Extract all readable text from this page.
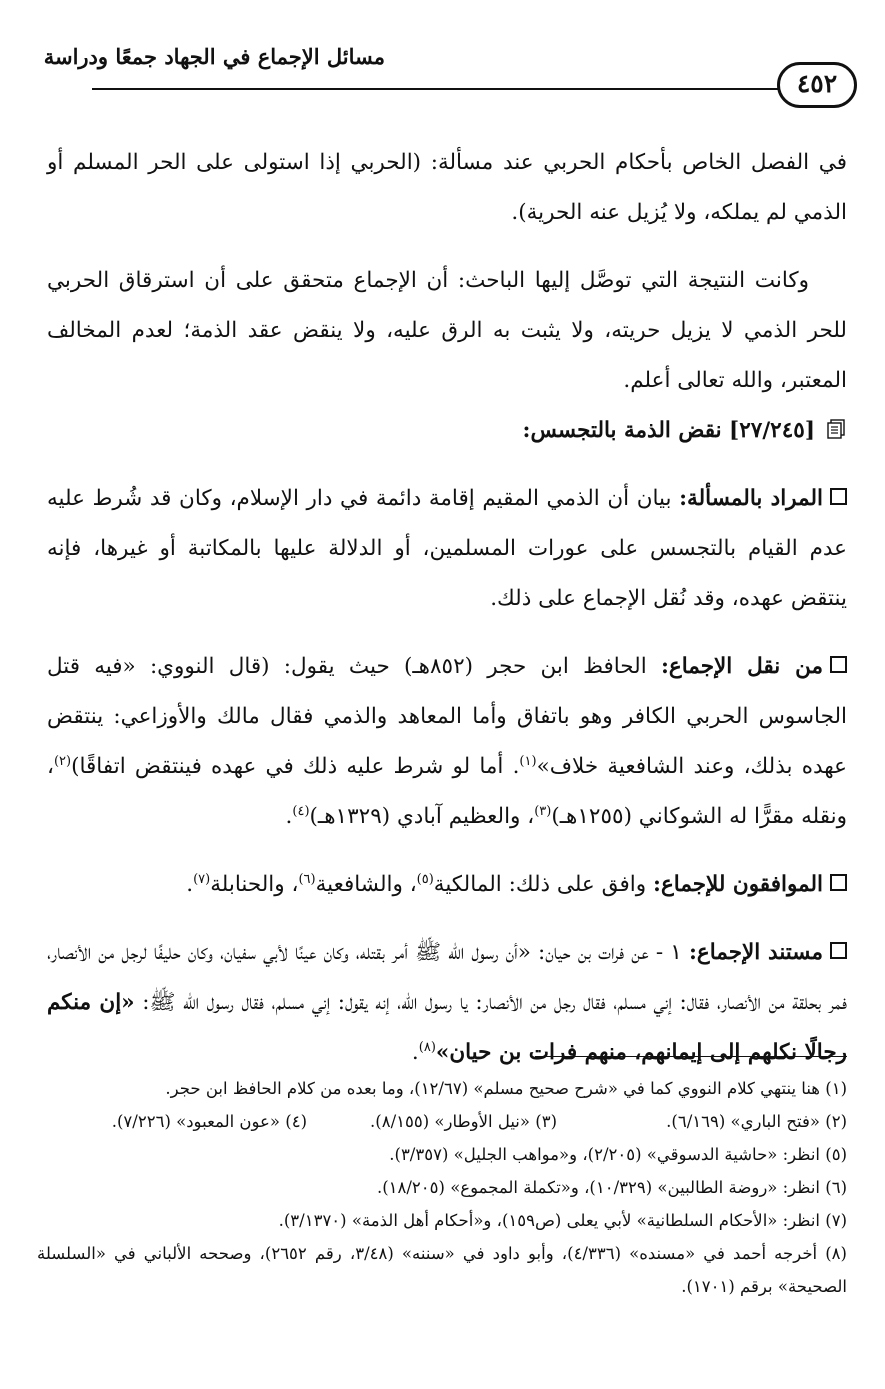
مسائل الإجماع في الجهاد جمعًا ودراسة
٤٥٢

في الفصل الخاص بأحكام الحربي عند مسألة: (الحربي إذا استولى على الحر المسلم أو الذمي لم يملكه، ولا يُزيل عنه الحرية).

وكانت النتيجة التي توصَّل إليها الباحث: أن الإجماع متحقق على أن استرقاق الحربي للحر الذمي لا يزيل حريته، ولا يثبت به الرق عليه، ولا ينقض عقد الذمة؛ لعدم المخالف المعتبر، والله تعالى أعلم.

[٢٧/٢٤٥] نقض الذمة بالتجسس:

المراد بالمسألة: بيان أن الذمي المقيم إقامة دائمة في دار الإسلام، وكان قد شُرط عليه عدم القيام بالتجسس على عورات المسلمين، أو الدلالة عليها بالمكاتبة أو غيرها، فإنه ينتقض عهده، وقد نُقل الإجماع على ذلك.

من نقل الإجماع: الحافظ ابن حجر (٨٥٢هـ) حيث يقول: (قال النووي: «فيه قتل الجاسوس الحربي الكافر وهو باتفاق وأما المعاهد والذمي فقال مالك والأوزاعي: ينتقض عهده بذلك، وعند الشافعية خلاف»$^{(١)}$. أما لو شرط عليه ذلك في عهده فينتقض اتفاقًا)$^{(٢)}$، ونقله مقرًّا له الشوكاني (١٢٥٥هـ)$^{(٣)}$، والعظيم آبادي (١٣٢٩هـ)$^{(٤)}$.

الموافقون للإجماع: وافق على ذلك: المالكية$^{(٥)}$، والشافعية$^{(٦)}$، والحنابلة$^{(٧)}$.

مستند الإجماع: ١ - عن فرات بن حيان: «أن رسول الله ﷺ أمر بقتله، وكان عينًا لأبي سفيان، وكان حليفًا لرجل من الأنصار، فمر بحلقة من الأنصار، فقال: إني مسلم، فقال رجل من الأنصار: يا رسول الله، إنه يقول: إني مسلم، فقال رسول الله ﷺ: «إن منكم رجالًا نكلهم إلى إيمانهم، منهم فرات بن حيان»$^{(٨)}$.

(١) هنا ينتهي كلام النووي كما في «شرح صحيح مسلم» (١٢/٦٧)، وما بعده من كلام الحافظ ابن حجر.

(٢) «فتح الباري» (٦/١٦٩).
(٣) «نيل الأوطار» (٨/١٥٥).
(٤) «عون المعبود» (٧/٢٢٦).

(٥) انظر: «حاشية الدسوقي» (٢/٢٠٥)، و«مواهب الجليل» (٣/٣٥٧).

(٦) انظر: «روضة الطالبين» (١٠/٣٢٩)، و«تكملة المجموع» (١٨/٢٠٥).

(٧) انظر: «الأحكام السلطانية» لأبي يعلى (ص١٥٩)، و«أحكام أهل الذمة» (٣/١٣٧٠).

(٨) أخرجه أحمد في «مسنده» (٤/٣٣٦)، وأبو داود في «سننه» (٣/٤٨، رقم ٢٦٥٢)، وصححه الألباني في «السلسلة الصحيحة» برقم (١٧٠١).
